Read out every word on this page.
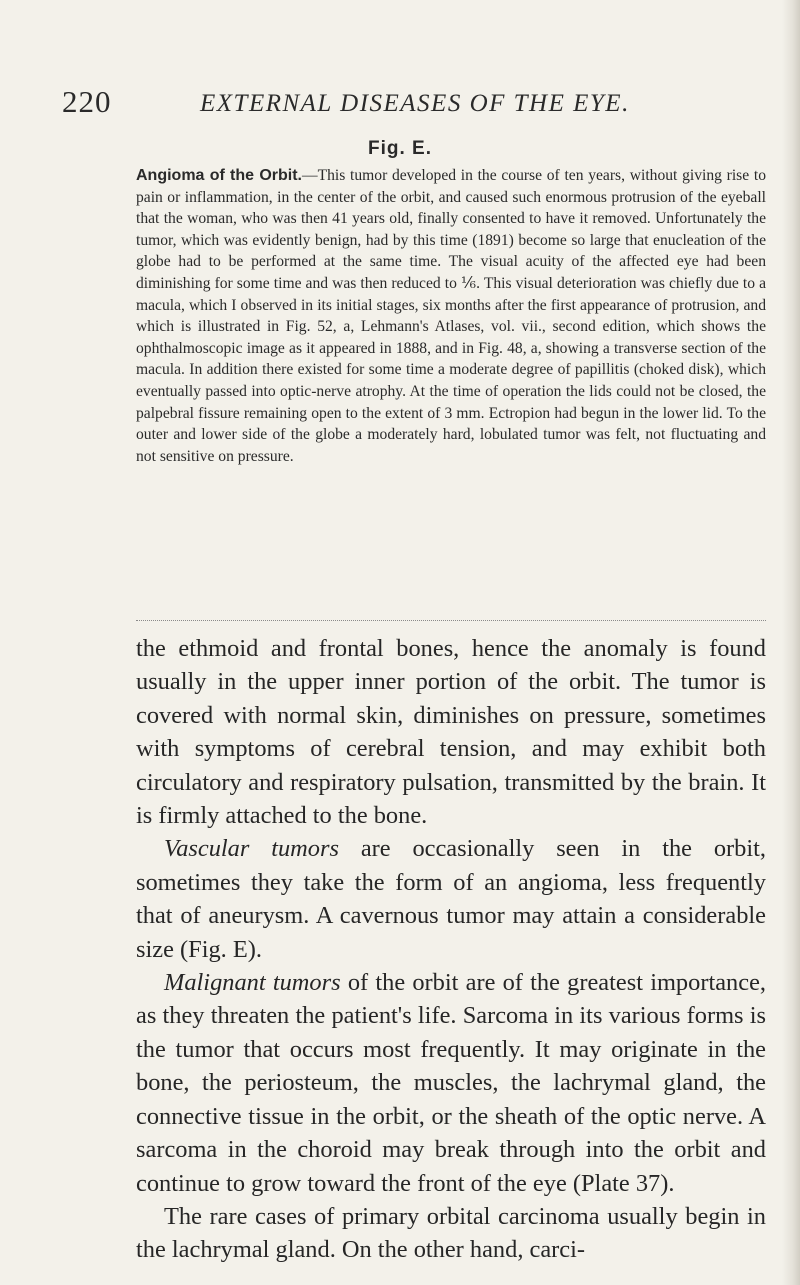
220	EXTERNAL DISEASES OF THE EYE.
Fig. E.
Angioma of the Orbit.—This tumor developed in the course of ten years, without giving rise to pain or inflammation, in the center of the orbit, and caused such enormous protrusion of the eyeball that the woman, who was then 41 years old, finally consented to have it removed. Unfortunately the tumor, which was evidently benign, had by this time (1891) become so large that enucleation of the globe had to be performed at the same time. The visual acuity of the affected eye had been diminishing for some time and was then reduced to ⅙. This visual deterioration was chiefly due to a macula, which I observed in its initial stages, six months after the first appearance of protrusion, and which is illustrated in Fig. 52, a, Lehmann's Atlases, vol. vii., second edition, which shows the ophthalmoscopic image as it appeared in 1888, and in Fig. 48, a, showing a transverse section of the macula. In addition there existed for some time a moderate degree of papillitis (choked disk), which eventually passed into optic-nerve atrophy. At the time of operation the lids could not be closed, the palpebral fissure remaining open to the extent of 3 mm. Ectropion had begun in the lower lid. To the outer and lower side of the globe a moderately hard, lobulated tumor was felt, not fluctuating and not sensitive on pressure.

the ethmoid and frontal bones, hence the anomaly is found usually in the upper inner portion of the orbit. The tumor is covered with normal skin, diminishes on pressure, sometimes with symptoms of cerebral tension, and may exhibit both circulatory and respiratory pulsation, transmitted by the brain. It is firmly attached to the bone.

Vascular tumors are occasionally seen in the orbit, sometimes they take the form of an angioma, less frequently that of aneurysm. A cavernous tumor may attain a considerable size (Fig. E).

Malignant tumors of the orbit are of the greatest importance, as they threaten the patient's life. Sarcoma in its various forms is the tumor that occurs most frequently. It may originate in the bone, the periosteum, the muscles, the lachrymal gland, the connective tissue in the orbit, or the sheath of the optic nerve. A sarcoma in the choroid may break through into the orbit and continue to grow toward the front of the eye (Plate 37).

The rare cases of primary orbital carcinoma usually begin in the lachrymal gland. On the other hand, carci-
